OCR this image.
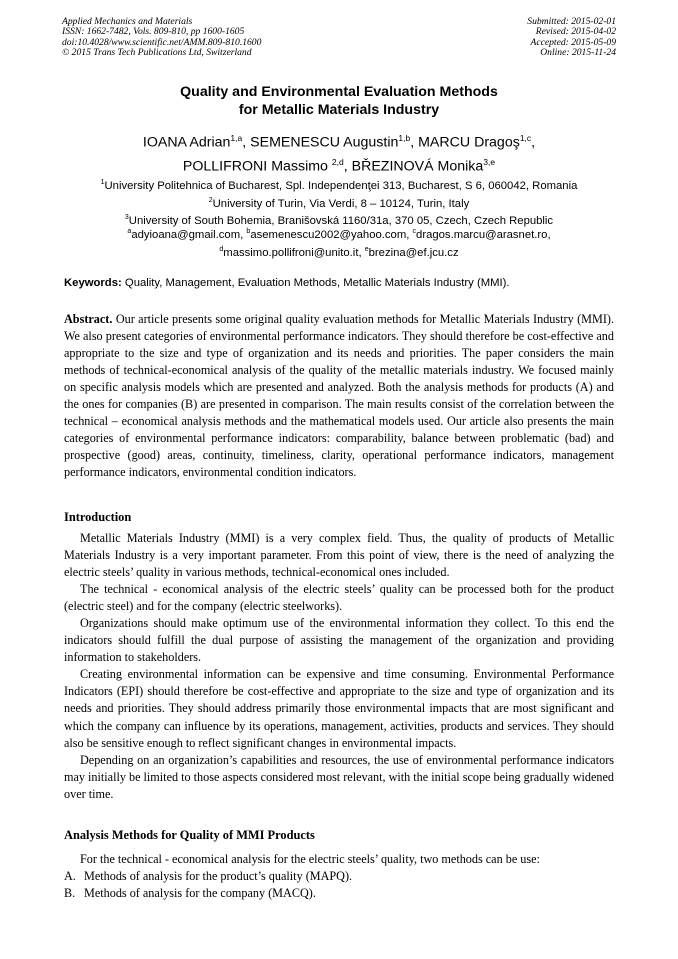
Applied Mechanics and Materials
ISSN: 1662-7482, Vols. 809-810, pp 1600-1605
doi:10.4028/www.scientific.net/AMM.809-810.1600
© 2015 Trans Tech Publications Ltd, Switzerland
Submitted: 2015-02-01
Revised: 2015-04-02
Accepted: 2015-05-09
Online: 2015-11-24
Quality and Environmental Evaluation Methods
for Metallic Materials Industry
IOANA Adrian$^{1,a}$, SEMENESCU Augustin$^{1,b}$, MARCU Dragoş$^{1,c}$,
POLLIFRONI Massimo $^{2,d}$, BŘEZINOVÁ Monika$^{3,e}$
$^1$University Politehnica of Bucharest, Spl. Independenţei 313, Bucharest, S 6, 060042, Romania
$^2$University of Turin, Via Verdi, 8 – 10124, Turin, Italy
$^3$University of South Bohemia, Branišovská 1160/31a, 370 05, Czech, Czech Republic
$^a$adyioana@gmail.com, $^b$asemenescu2002@yahoo.com, $^c$dragos.marcu@arasnet.ro,
$^d$massimo.pollifroni@unito.it, $^e$brezina@ef.jcu.cz
Keywords: Quality, Management, Evaluation Methods, Metallic Materials Industry (MMI).
Abstract. Our article presents some original quality evaluation methods for Metallic Materials Industry (MMI). We also present categories of environmental performance indicators. They should therefore be cost-effective and appropriate to the size and type of organization and its needs and priorities. The paper considers the main methods of technical-economical analysis of the quality of the metallic materials industry. We focused mainly on specific analysis models which are presented and analyzed. Both the analysis methods for products (A) and the ones for companies (B) are presented in comparison. The main results consist of the correlation between the technical – economical analysis methods and the mathematical models used. Our article also presents the main categories of environmental performance indicators: comparability, balance between problematic (bad) and prospective (good) areas, continuity, timeliness, clarity, operational performance indicators, management performance indicators, environmental condition indicators.
Introduction

Metallic Materials Industry (MMI) is a very complex field. Thus, the quality of products of Metallic Materials Industry is a very important parameter. From this point of view, there is the need of analyzing the electric steels’ quality in various methods, technical-economical ones included.

The technical - economical analysis of the electric steels’ quality can be processed both for the product (electric steel) and for the company (electric steelworks).

Organizations should make optimum use of the environmental information they collect. To this end the indicators should fulfill the dual purpose of assisting the management of the organization and providing information to stakeholders.

Creating environmental information can be expensive and time consuming. Environmental Performance Indicators (EPI) should therefore be cost-effective and appropriate to the size and type of organization and its needs and priorities. They should address primarily those environmental impacts that are most significant and which the company can influence by its operations, management, activities, products and services. They should also be sensitive enough to reflect significant changes in environmental impacts.

Depending on an organization’s capabilities and resources, the use of environmental performance indicators may initially be limited to those aspects considered most relevant, with the initial scope being gradually widened over time.

Analysis Methods for Quality of MMI Products

For the technical - economical analysis for the electric steels’ quality, two methods can be use:

A. Methods of analysis for the product’s quality (MAPQ).
B. Methods of analysis for the company (MACQ).
